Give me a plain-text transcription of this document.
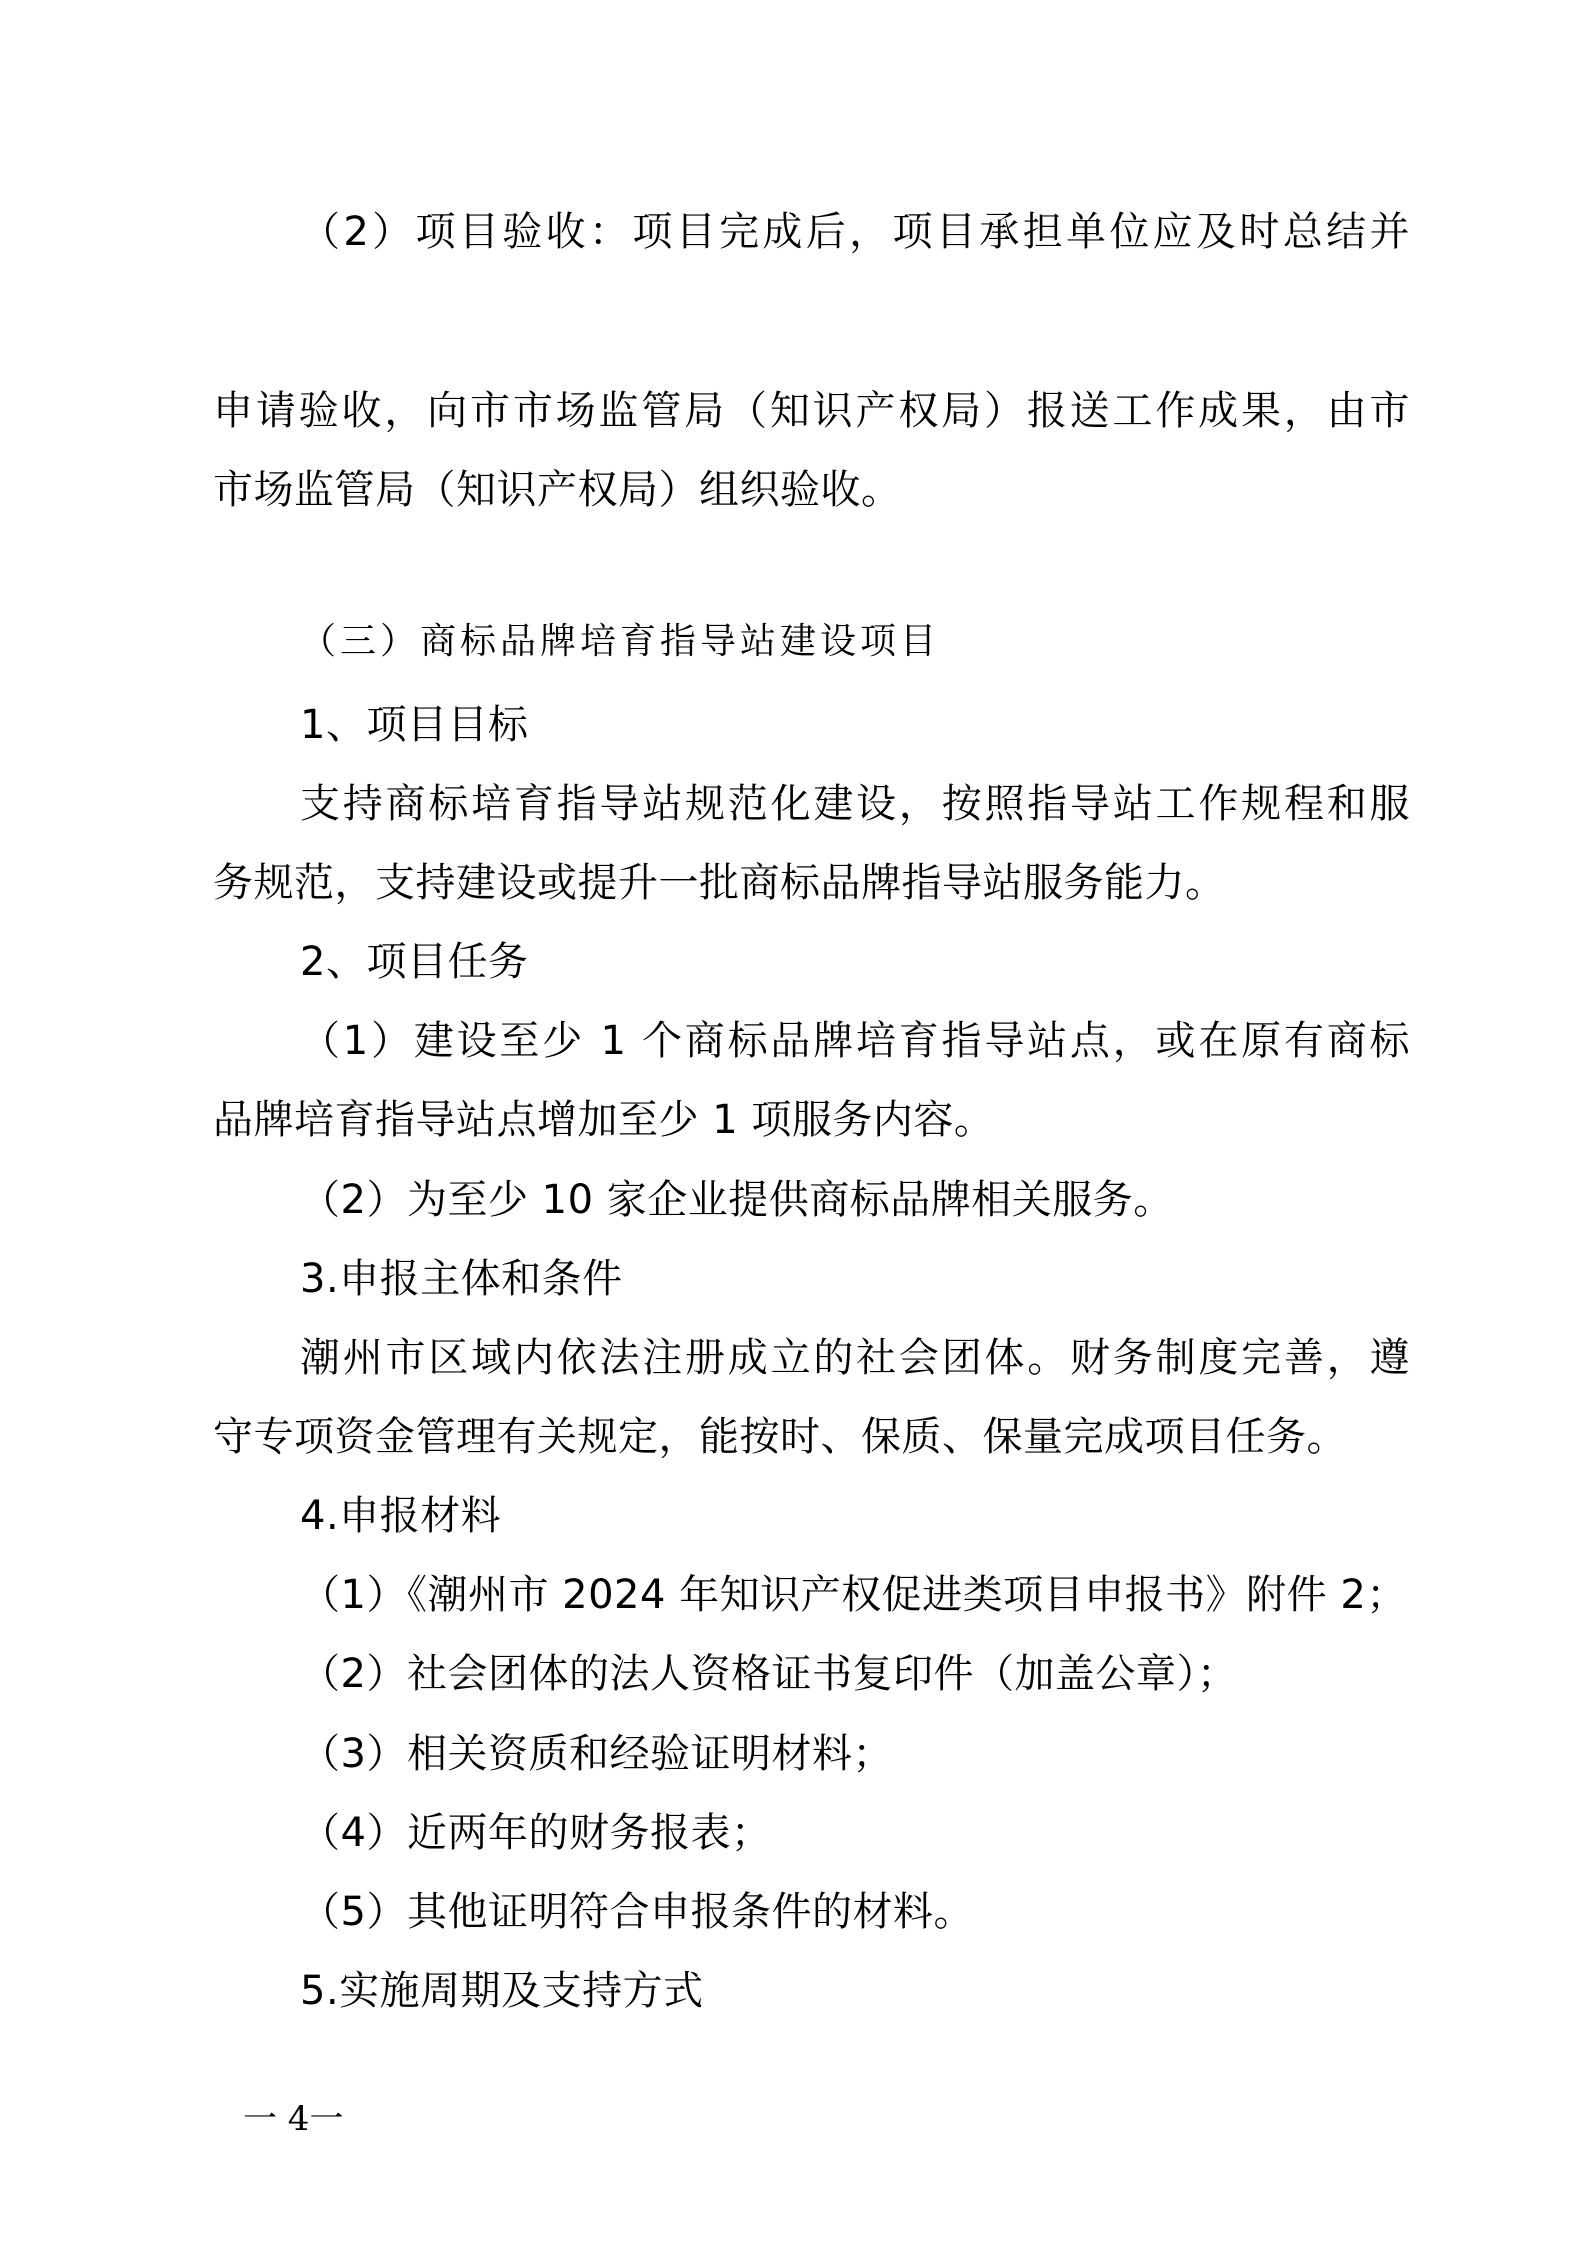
（2）项目验收：项目完成后，项目承担单位应及时总结并
申请验收，向市市场监管局（知识产权局）报送工作成果，由市
市场监管局（知识产权局）组织验收。
（三）商标品牌培育指导站建设项目
1、项目目标
支持商标培育指导站规范化建设，按照指导站工作规程和服
务规范，支持建设或提升一批商标品牌指导站服务能力。
2、项目任务
（1）建设至少 1 个商标品牌培育指导站点，或在原有商标
品牌培育指导站点增加至少 1 项服务内容。
（2）为至少 10 家企业提供商标品牌相关服务。
3.申报主体和条件
潮州市区域内依法注册成立的社会团体。财务制度完善，遵
守专项资金管理有关规定，能按时、保质、保量完成项目任务。
4.申报材料
（1）《潮州市 2024 年知识产权促进类项目申报书》附件 2；
（2）社会团体的法人资格证书复印件（加盖公章）；
（3）相关资质和经验证明材料；
（4）近两年的财务报表；
（5）其他证明符合申报条件的材料。
5.实施周期及支持方式
一 4一
